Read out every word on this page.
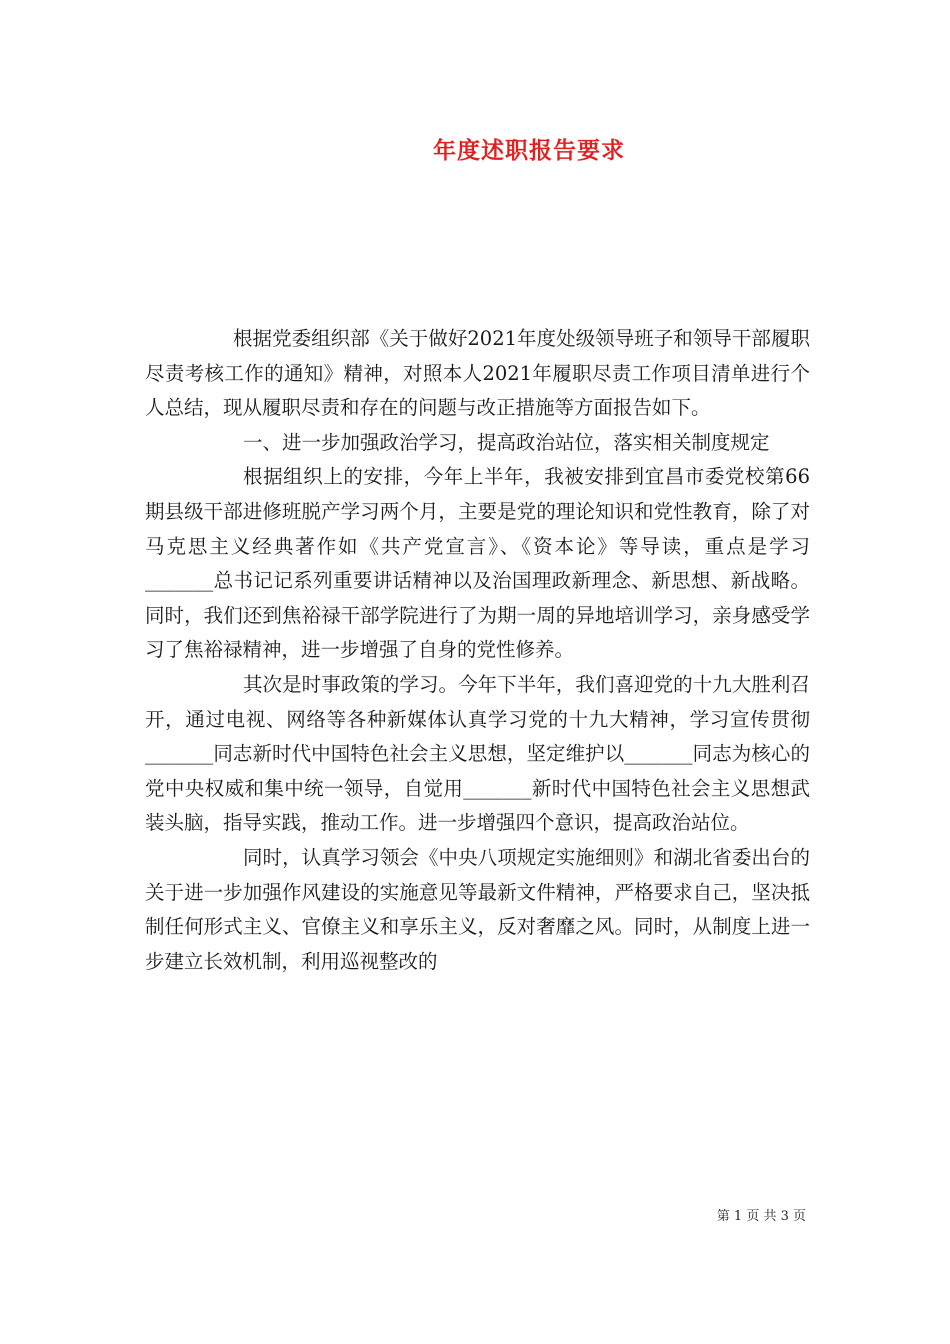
年度述职报告要求

根据党委组织部《关于做好2021年度处级领导班子和领导干部履职尽责考核工作的通知》精神，对照本人2021年履职尽责工作项目清单进行个人总结，现从履职尽责和存在的问题与改正措施等方面报告如下。

一、进一步加强政治学习，提高政治站位，落实相关制度规定

根据组织上的安排，今年上半年，我被安排到宜昌市委党校第66期县级干部进修班脱产学习两个月，主要是党的理论知识和党性教育，除了对马克思主义经典著作如《共产党宣言》、《资本论》等导读，重点是学习_______总书记记系列重要讲话精神以及治国理政新理念、新思想、新战略。同时，我们还到焦裕禄干部学院进行了为期一周的异地培训学习，亲身感受学习了焦裕禄精神，进一步增强了自身的党性修养。

其次是时事政策的学习。今年下半年，我们喜迎党的十九大胜利召开，通过电视、网络等各种新媒体认真学习党的十九大精神，学习宣传贯彻_______同志新时代中国特色社会主义思想，坚定维护以_______同志为核心的党中央权威和集中统一领导，自觉用_______新时代中国特色社会主义思想武装头脑，指导实践，推动工作。进一步增强四个意识，提高政治站位。

同时，认真学习领会《中央八项规定实施细则》和湖北省委出台的关于进一步加强作风建设的实施意见等最新文件精神，严格要求自己，坚决抵制任何形式主义、官僚主义和享乐主义，反对奢靡之风。同时，从制度上进一步建立长效机制，利用巡视整改的

第 1 页 共 3 页
